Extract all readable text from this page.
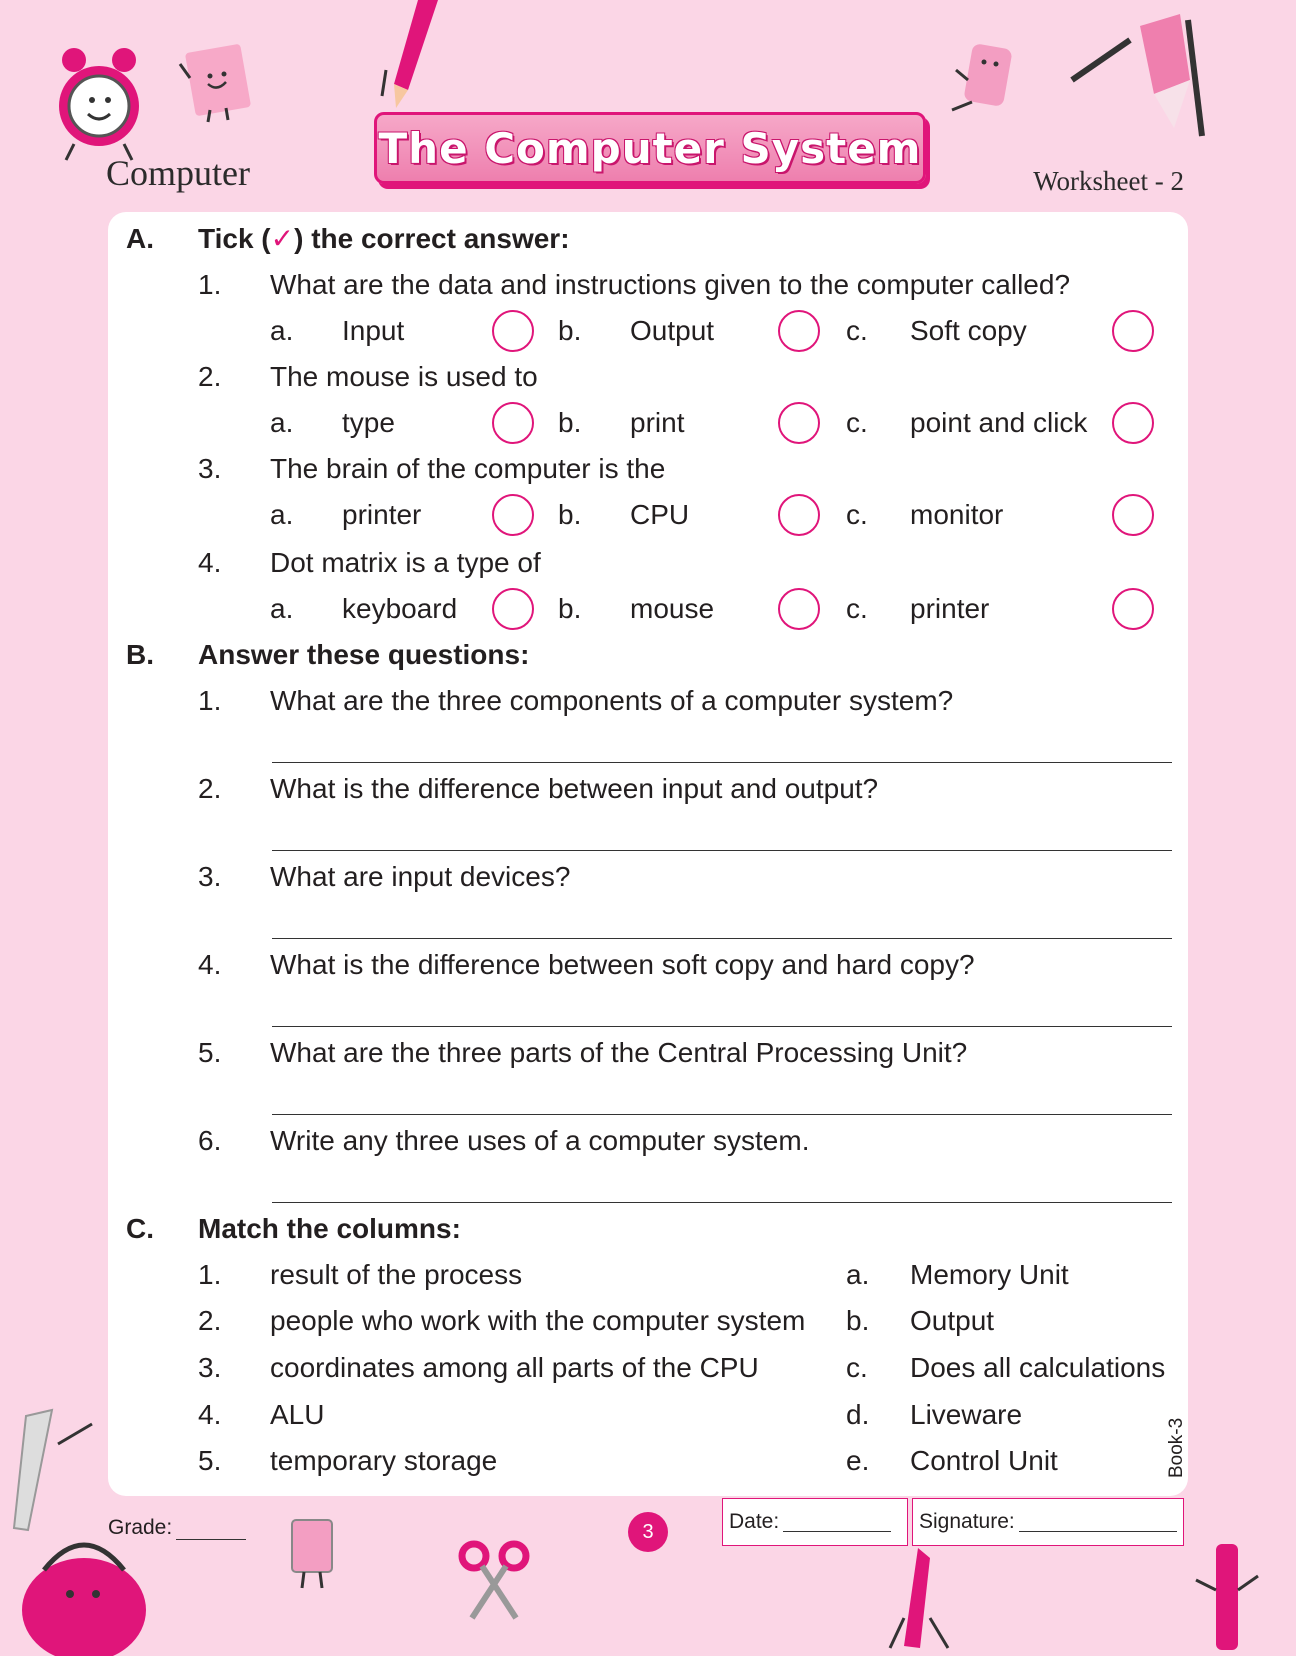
Computer
The Computer System
Worksheet - 2
A. Tick (✓) the correct answer:
1. What are the data and instructions given to the computer called?
a. Input	b. Output	c. Soft copy
2. The mouse is used to
a. type	b. print	c. point and click
3. The brain of the computer is the
a. printer	b. CPU	c. monitor
4. Dot matrix is a type of
a. keyboard	b. mouse	c. printer
B. Answer these questions:
1. What are the three components of a computer system?
2. What is the difference between input and output?
3. What are input devices?
4. What is the difference between soft copy and hard copy?
5. What are the three parts of the Central Processing Unit?
6. Write any three uses of a computer system.
C. Match the columns:
1. result of the process	a. Memory Unit
2. people who work with the computer system b. Output
3. coordinates among all parts of the CPU	c. Does all calculations
4. ALU	d. Liveware
5. temporary storage	e. Control Unit
Grade:	3	Date:	Signature:
Book-3
